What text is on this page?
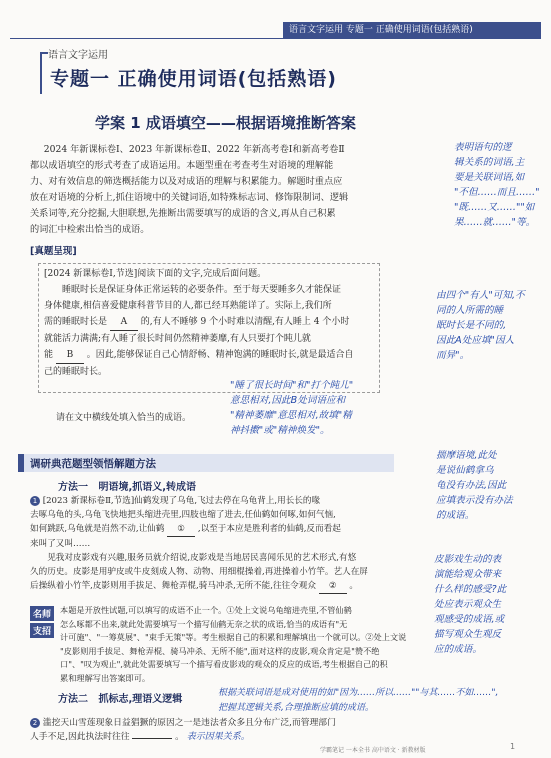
语言文字运用 专题一 正确使用词语(包括熟语)
语言文字运用
专题一 正确使用词语(包括熟语)
学案 1 成语填空——根据语境推断答案
2024 年新课标卷Ⅰ、2023 年新课标卷Ⅱ、2022 年新高考卷Ⅰ和新高考卷Ⅱ
都以成语填空的形式考查了成语运用。本题型重在考查考生对语境的理解能
力、对有效信息的筛选概括能力以及对成语的理解与积累能力。解题时重点应
放在对语境的分析上,抓住语境中的关键词语,如特殊标志词、修饰限制词、逻辑
关系词等,充分挖掘,大胆联想,先推断出需要填写的成语的含义,再从自己积累
的词汇中检索出恰当的成语。
[真题呈现]
[2024 新课标卷Ⅰ,节选]阅读下面的文字,完成后面问题。
睡眠时长是保证身体正常运转的必要条件。至于每天要睡多久才能保证
身体健康,相信喜爱健康科普节目的人,都已经耳熟能详了。实际上,我们所
需的睡眠时长是 A 的,有人不睡够 9 个小时难以清醒,有人睡上 4 个小时
就能活力满满;有人睡了很长时间仍然精神萎靡,有人只要打个盹儿就
能 B 。因此,能够保证自己心情舒畅、精神饱满的睡眠时长,就是最适合自
己的睡眠时长。
请在文中横线处填入恰当的成语。
表明语句的逻
辑关系的词语,主
要是关联词语,如
"不但……而且……"
"既……又……""如
果……就……"等。
由四个"有人"可知,不
同的人所需的睡
眠时长是不同的,
因此A处应填"因人
而异"。
"睡了很长时间"和"打个盹儿"
意思相对,因此B处词语应和
"精神萎靡"意思相对,故填"精
神抖擞"或"精神焕发"。
调研典范题型领悟解题方法
方法一 明语境,抓语义,转成语
1 [2023 新课标卷Ⅱ,节选]仙鹤发现了乌龟,飞过去停在乌龟背上,用长长的喙
去啄乌龟的头,乌龟飞快地把头缩进壳里,四肢也缩了进去,任仙鹤如何啄,如何气恼,
如何跳跃,乌龟就是岿然不动,让仙鹤 ① ,以至于本应是胜利者的仙鹤,反而看起
来叫了又叫……
见我对皮影戏有兴趣,服务员就介绍说,皮影戏是当地居民喜闻乐见的艺术形式,有悠
久的历史。皮影是用驴皮或牛皮刻成人物、动物、用细棍操着,再进操着小竹竿。艺人在屏
后操纵着小竹竿,皮影则用手拔足、舞枪弄棍,骑马冲杀,无所不能,往往令观众 ② 。
名师
支招
本题是开放性试题,可以填写的成语不止一个。①处上文说乌龟缩进壳里,不管仙鹤
怎么啄都不出来,就此处需要填写一个描写仙鹤无奈之状的成语,恰当的成语有"无
计可施"、"一筹莫展"、"束手无策"等。考生根据自己的积累和理解填出一个就可以。②处上文说
"皮影则用手拔足、舞枪弄棍、骑马冲杀、无所不能",面对这样的皮影,观众肯定是"赞不绝
口"、"叹为观止",就此处需要填写一个描写看皮影戏的观众的反应的成语,考生根据自己的积
累和理解写出答案即可。
揣摩语境,此处
是说仙鹤拿乌
龟没有办法,因此
应填表示没有办法
的成语。
皮影戏生动的表
演能给观众带来
什么样的感受?此
处应表示观众生
观感受的成语,或
描写观众生观反
应的成语。
方法二 抓标志,理语义逻辑
根据关联词语是成对使用的如"因为……所以……""与其……不如……",
把握其逻辑关系,合理推断应填的成语。
2 滥挖天山雪莲现象日益猖獗的原因之一是违法者众多且分布广泛,而管理部门
人手不足,因此执法时往往	。 表示因果关系。
学霸笔记 一本全书 高中语文 · 新教材版	1
